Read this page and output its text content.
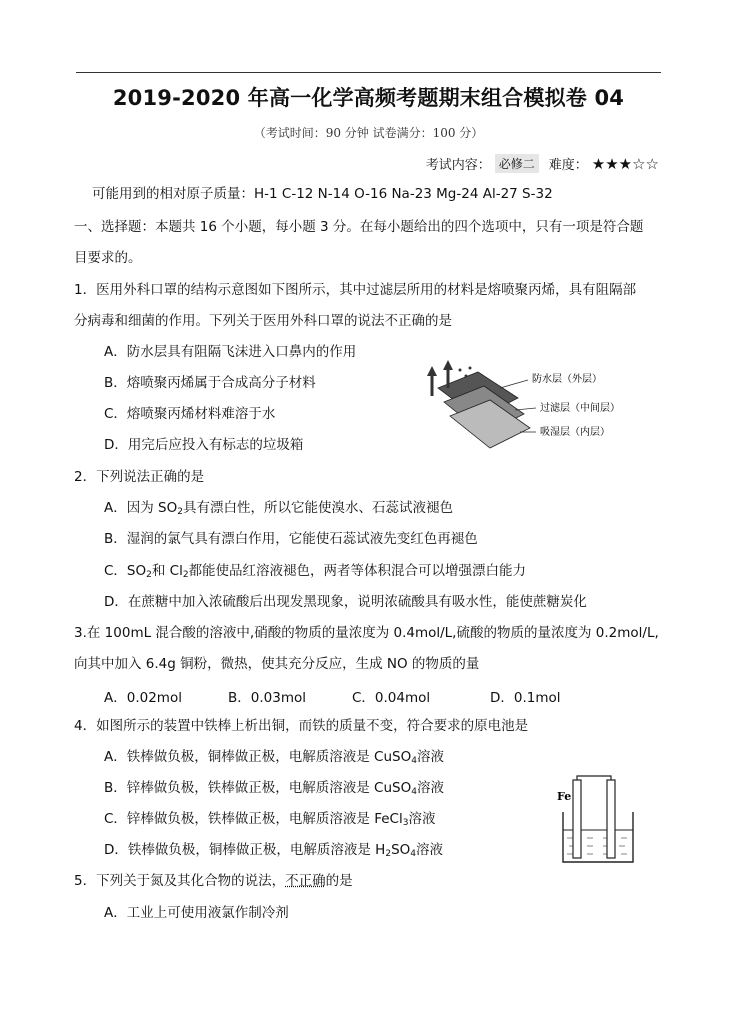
2019-2020 年高一化学高频考题期末组合模拟卷 04
（考试时间：90 分钟 试卷满分：100 分）
考试内容： 必修二	难度： ★★★☆☆
可能用到的相对原子质量：H-1 C-12 N-14 O-16 Na-23 Mg-24 Al-27 S-32
一、选择题：本题共 16 个小题，每小题 3 分。在每小题给出的四个选项中，只有一项是符合题
目要求的。
1．医用外科口罩的结构示意图如下图所示，其中过滤层所用的材料是熔喷聚丙烯，具有阻隔部
分病毒和细菌的作用。下列关于医用外科口罩的说法不正确的是
A．防水层具有阻隔飞沫进入口鼻内的作用
B．熔喷聚丙烯属于合成高分子材料
C．熔喷聚丙烯材料难溶于水
D．用完后应投入有标志的垃圾箱
防水层（外层）
过滤层（中间层）
吸湿层（内层）
2．下列说法正确的是
A．因为 $SO_2$具有漂白性，所以它能使溴水、石蕊试液褪色
B．湿润的氯气具有漂白作用，它能使石蕊试液先变红色再褪色
C．$SO_2$和 $Cl_2$都能使品红溶液褪色，两者等体积混合可以增强漂白能力
D．在蔗糖中加入浓硫酸后出现发黑现象，说明浓硫酸具有吸水性，能使蔗糖炭化
3.在 100mL 混合酸的溶液中,硝酸的物质的量浓度为 0.4mol/L,硫酸的物质的量浓度为 0.2mol/L,
向其中加入 6.4g 铜粉，微热，使其充分反应，生成 NO 的物质的量
A．0.02mol	B．0.03mol	C．0.04mol	D．0.1mol
4．如图所示的装置中铁棒上析出铜，而铁的质量不变，符合要求的原电池是
A．铁棒做负极，铜棒做正极，电解质溶液是 CuSO$_4$溶液
B．锌棒做负极，铁棒做正极，电解质溶液是 CuSO$_4$溶液
C．锌棒做负极，铁棒做正极，电解质溶液是 FeCl$_3$溶液
D．铁棒做负极，铜棒做正极，电解质溶液是 $H_2SO_4$溶液
Fe
5．下列关于氮及其化合物的说法，不正确的是
A．工业上可使用液氯作制冷剂
